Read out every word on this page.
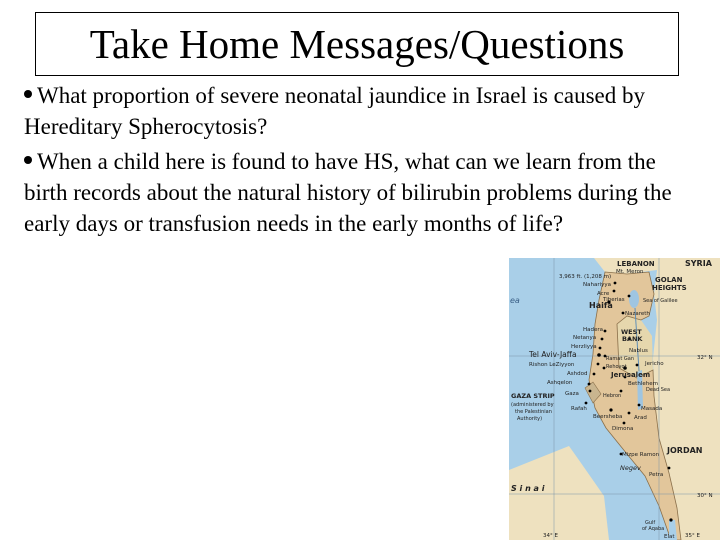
Take Home Messages/Questions
What proportion of severe neonatal jaundice in Israel is caused by Hereditary Spherocytosis?
When a child here is found to have HS, what can we learn from the birth records about the natural history of bilirubin problems during the early days or transfusion needs in the early months of life?
LEBANON	SYRIA
Mt. Meron
3,963 ft. (1,208 m)
Nahariyya
Acre
Haifa
GOLAN
HEIGHTS
Tiberias	Sea of Galilee
Nazareth
WEST
BANK
Hadera
Netanya
Herzliyya
Nablus
Tel Aviv-Jaffa	Ramat Gan
Rishon LeZiyyon	Rehovot	Jericho
Jerusalem
Ashdod
Bethlehem
Ashqelon
Dead Sea
Gaza	Hebron
GAZA STRIP
(administered by
the Palestinian
Authority)
Rafah
Beersheba
Masada
Arad
Dimona
JORDAN
Mizpe Ramon
Negev
Petra
S i n a i
Gulf
of Aqaba
Elat
32° N
30° N
34° E	35° E
ea
